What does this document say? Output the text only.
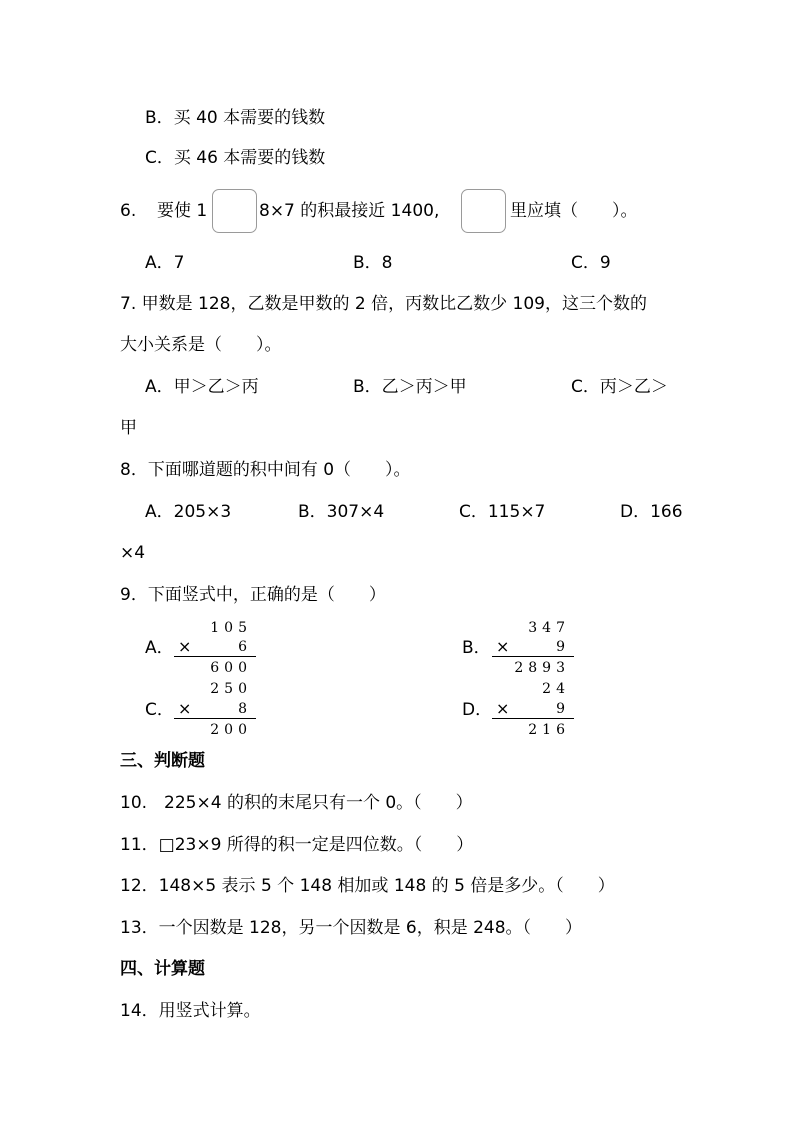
B．买 40 本需要的钱数
C．买 46 本需要的钱数
6. 要使 1	8×7 的积最接近 1400,	里应填（　　）。
A．7	B．8	C．9
7. 甲数是 128，乙数是甲数的 2 倍，丙数比乙数少 109，这三个数的
大小关系是（　　）。
A．甲＞乙＞丙	B．乙＞丙＞甲	C．丙＞乙＞
甲
8．下面哪道题的积中间有 0（　　）。
A．205×3	B．307×4	C．115×7	D．166
×4
9．下面竖式中，正确的是（　　）
A．
105
×	6
600
B．
347
×	9
2893
C．
250
×	8
200
D．
24
×	9
216
三、判断题
10.　225×4 的积的末尾只有一个 0。（　　）
11．□23×9 所得的积一定是四位数。（　　）
12．148×5 表示 5 个 148 相加或 148 的 5 倍是多少。（　　）
13．一个因数是 128，另一个因数是 6，积是 248。（　　）
四、计算题
14．用竖式计算。
